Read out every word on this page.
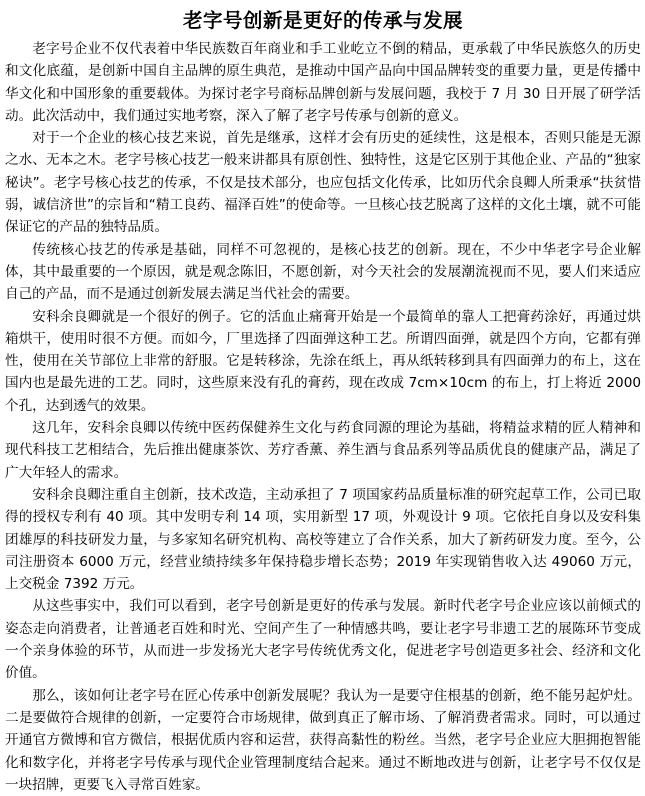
老字号创新是更好的传承与发展

老字号企业不仅代表着中华民族数百年商业和手工业屹立不倒的精品，更承载了中华民族悠久的历史和文化底蕴，是创新中国自主品牌的原生典范，是推动中国产品向中国品牌转变的重要力量，更是传播中华文化和中国形象的重要载体。为探讨老字号商标品牌创新与发展问题，我校于 7 月 30 日开展了研学活动。此次活动中，我们通过实地考察，深入了解了老字号传承与创新的意义。

对于一个企业的核心技艺来说，首先是继承，这样才会有历史的延续性，这是根本，否则只能是无源之水、无本之木。老字号核心技艺一般来讲都具有原创性、独特性，这是它区别于其他企业、产品的“独家秘诀”。老字号核心技艺的传承，不仅是技术部分，也应包括文化传承，比如历代余良卿人所秉承“扶贫惜弱，诚信济世”的宗旨和“精工良药、福泽百姓”的使命等。一旦核心技艺脱离了这样的文化土壤，就不可能保证它的产品的独特品质。

传统核心技艺的传承是基础，同样不可忽视的，是核心技艺的创新。现在，不少中华老字号企业解体，其中最重要的一个原因，就是观念陈旧，不愿创新，对今天社会的发展潮流视而不见，要人们来适应自己的产品，而不是通过创新发展去满足当代社会的需要。

安科余良卿就是一个很好的例子。它的活血止痛膏开始是一个最简单的靠人工把膏药涂好，再通过烘箱烘干，使用时很不方便。而如今，厂里选择了四面弹这种工艺。所谓四面弹，就是四个方向，它都有弹性，使用在关节部位上非常的舒服。它是转移涂，先涂在纸上，再从纸转移到具有四面弹力的布上，这在国内也是最先进的工艺。同时，这些原来没有孔的膏药，现在改成 7cm×10cm 的布上，打上将近 2000 个孔，达到透气的效果。

这几年，安科余良卿以传统中医药保健养生文化与药食同源的理论为基础，将精益求精的匠人精神和现代科技工艺相结合，先后推出健康茶饮、芳疗香薰、养生酒与食品系列等品质优良的健康产品，满足了广大年轻人的需求。

安科余良卿注重自主创新，技术改造，主动承担了 7 项国家药品质量标准的研究起草工作，公司已取得的授权专利有 40 项。其中发明专利 14 项，实用新型 17 项，外观设计 9 项。它依托自身以及安科集团雄厚的科技研发力量，与多家知名研究机构、高校等建立了合作关系，加大了新药研发力度。至今，公司注册资本 6000 万元，经营业绩持续多年保持稳步增长态势；2019 年实现销售收入达 49060 万元，上交税金 7392 万元。

从这些事实中，我们可以看到，老字号创新是更好的传承与发展。新时代老字号企业应该以前倾式的姿态走向消费者，让普通老百姓和时光、空间产生了一种情感共鸣，要让老字号非遗工艺的展陈环节变成一个亲身体验的环节，从而进一步发扬光大老字号传统优秀文化，促进老字号创造更多社会、经济和文化价值。

那么，该如何让老字号在匠心传承中创新发展呢？我认为一是要守住根基的创新，绝不能另起炉灶。二是要做符合规律的创新，一定要符合市场规律，做到真正了解市场、了解消费者需求。同时，可以通过开通官方微博和官方微信，根据优质内容和运营，获得高黏性的粉丝。当然，老字号企业应大胆拥抱智能化和数字化，并将老字号传承与现代企业管理制度结合起来。通过不断地改进与创新，让老字号不仅仅是一块招牌，更要飞入寻常百姓家。
